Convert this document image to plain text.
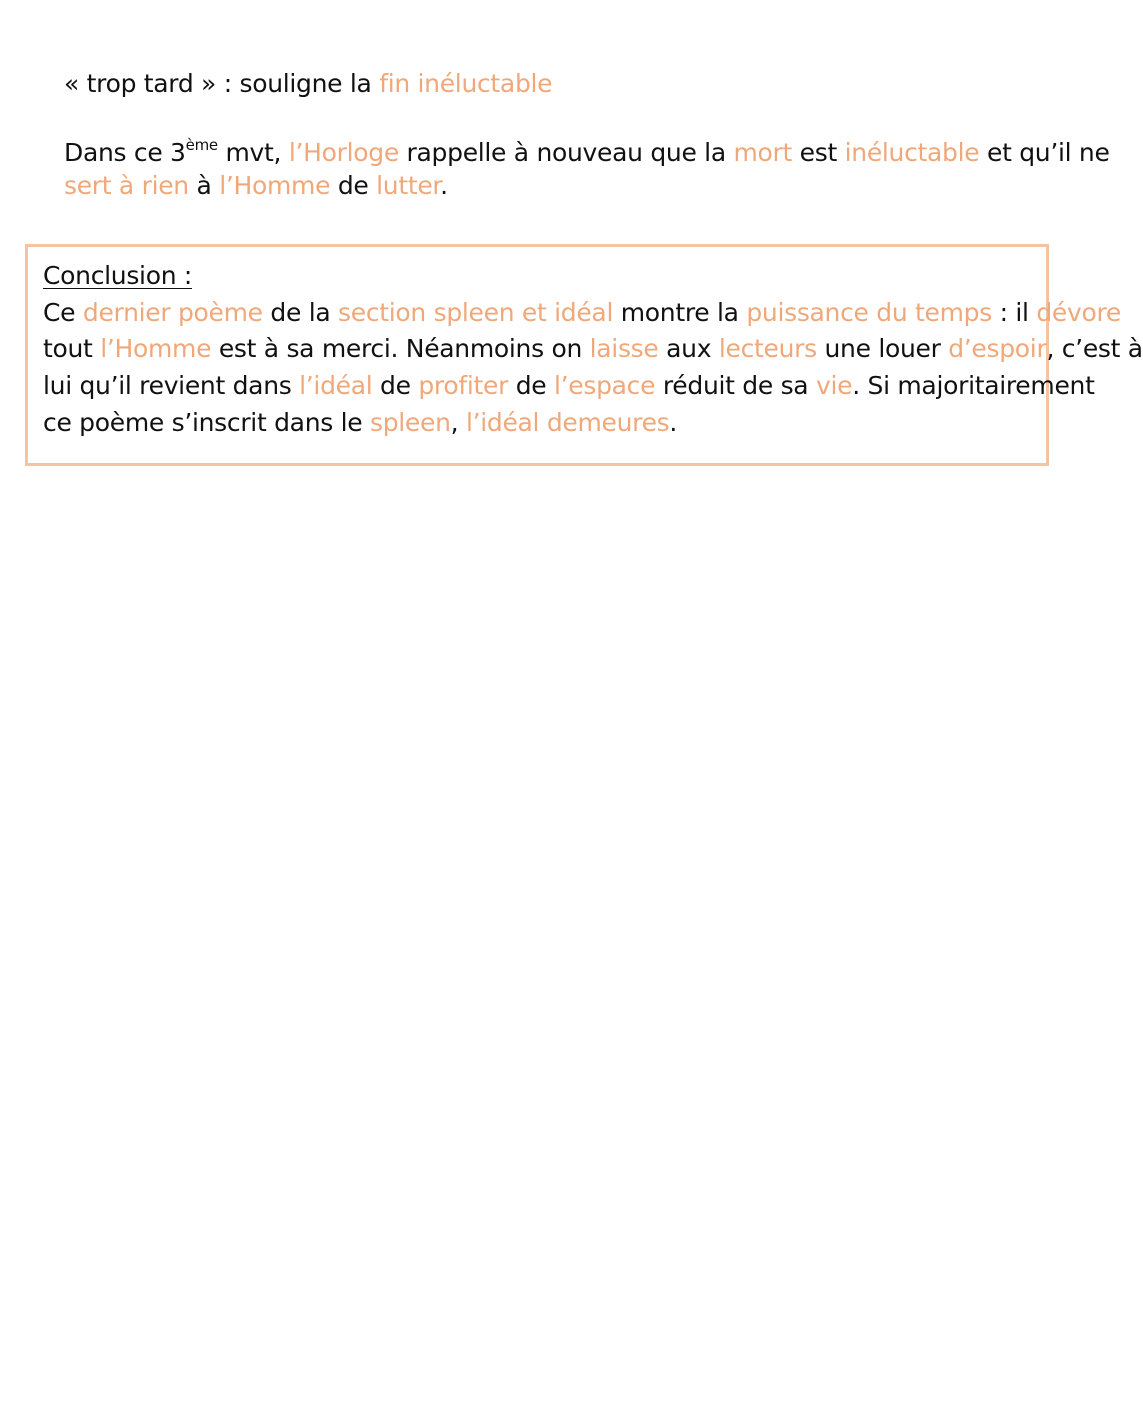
« trop tard » : souligne la fin inéluctable
Dans ce 3ème mvt, l’Horloge rappelle à nouveau que la mort est inéluctable et qu’il ne
sert à rien à l’Homme de lutter.
Conclusion :
Ce dernier poème de la section spleen et idéal montre la puissance du temps : il dévore
tout l’Homme est à sa merci. Néanmoins on laisse aux lecteurs une louer d’espoir, c’est à
lui qu’il revient dans l’idéal de profiter de l’espace réduit de sa vie. Si majoritairement
ce poème s’inscrit dans le spleen, l’idéal demeures.
